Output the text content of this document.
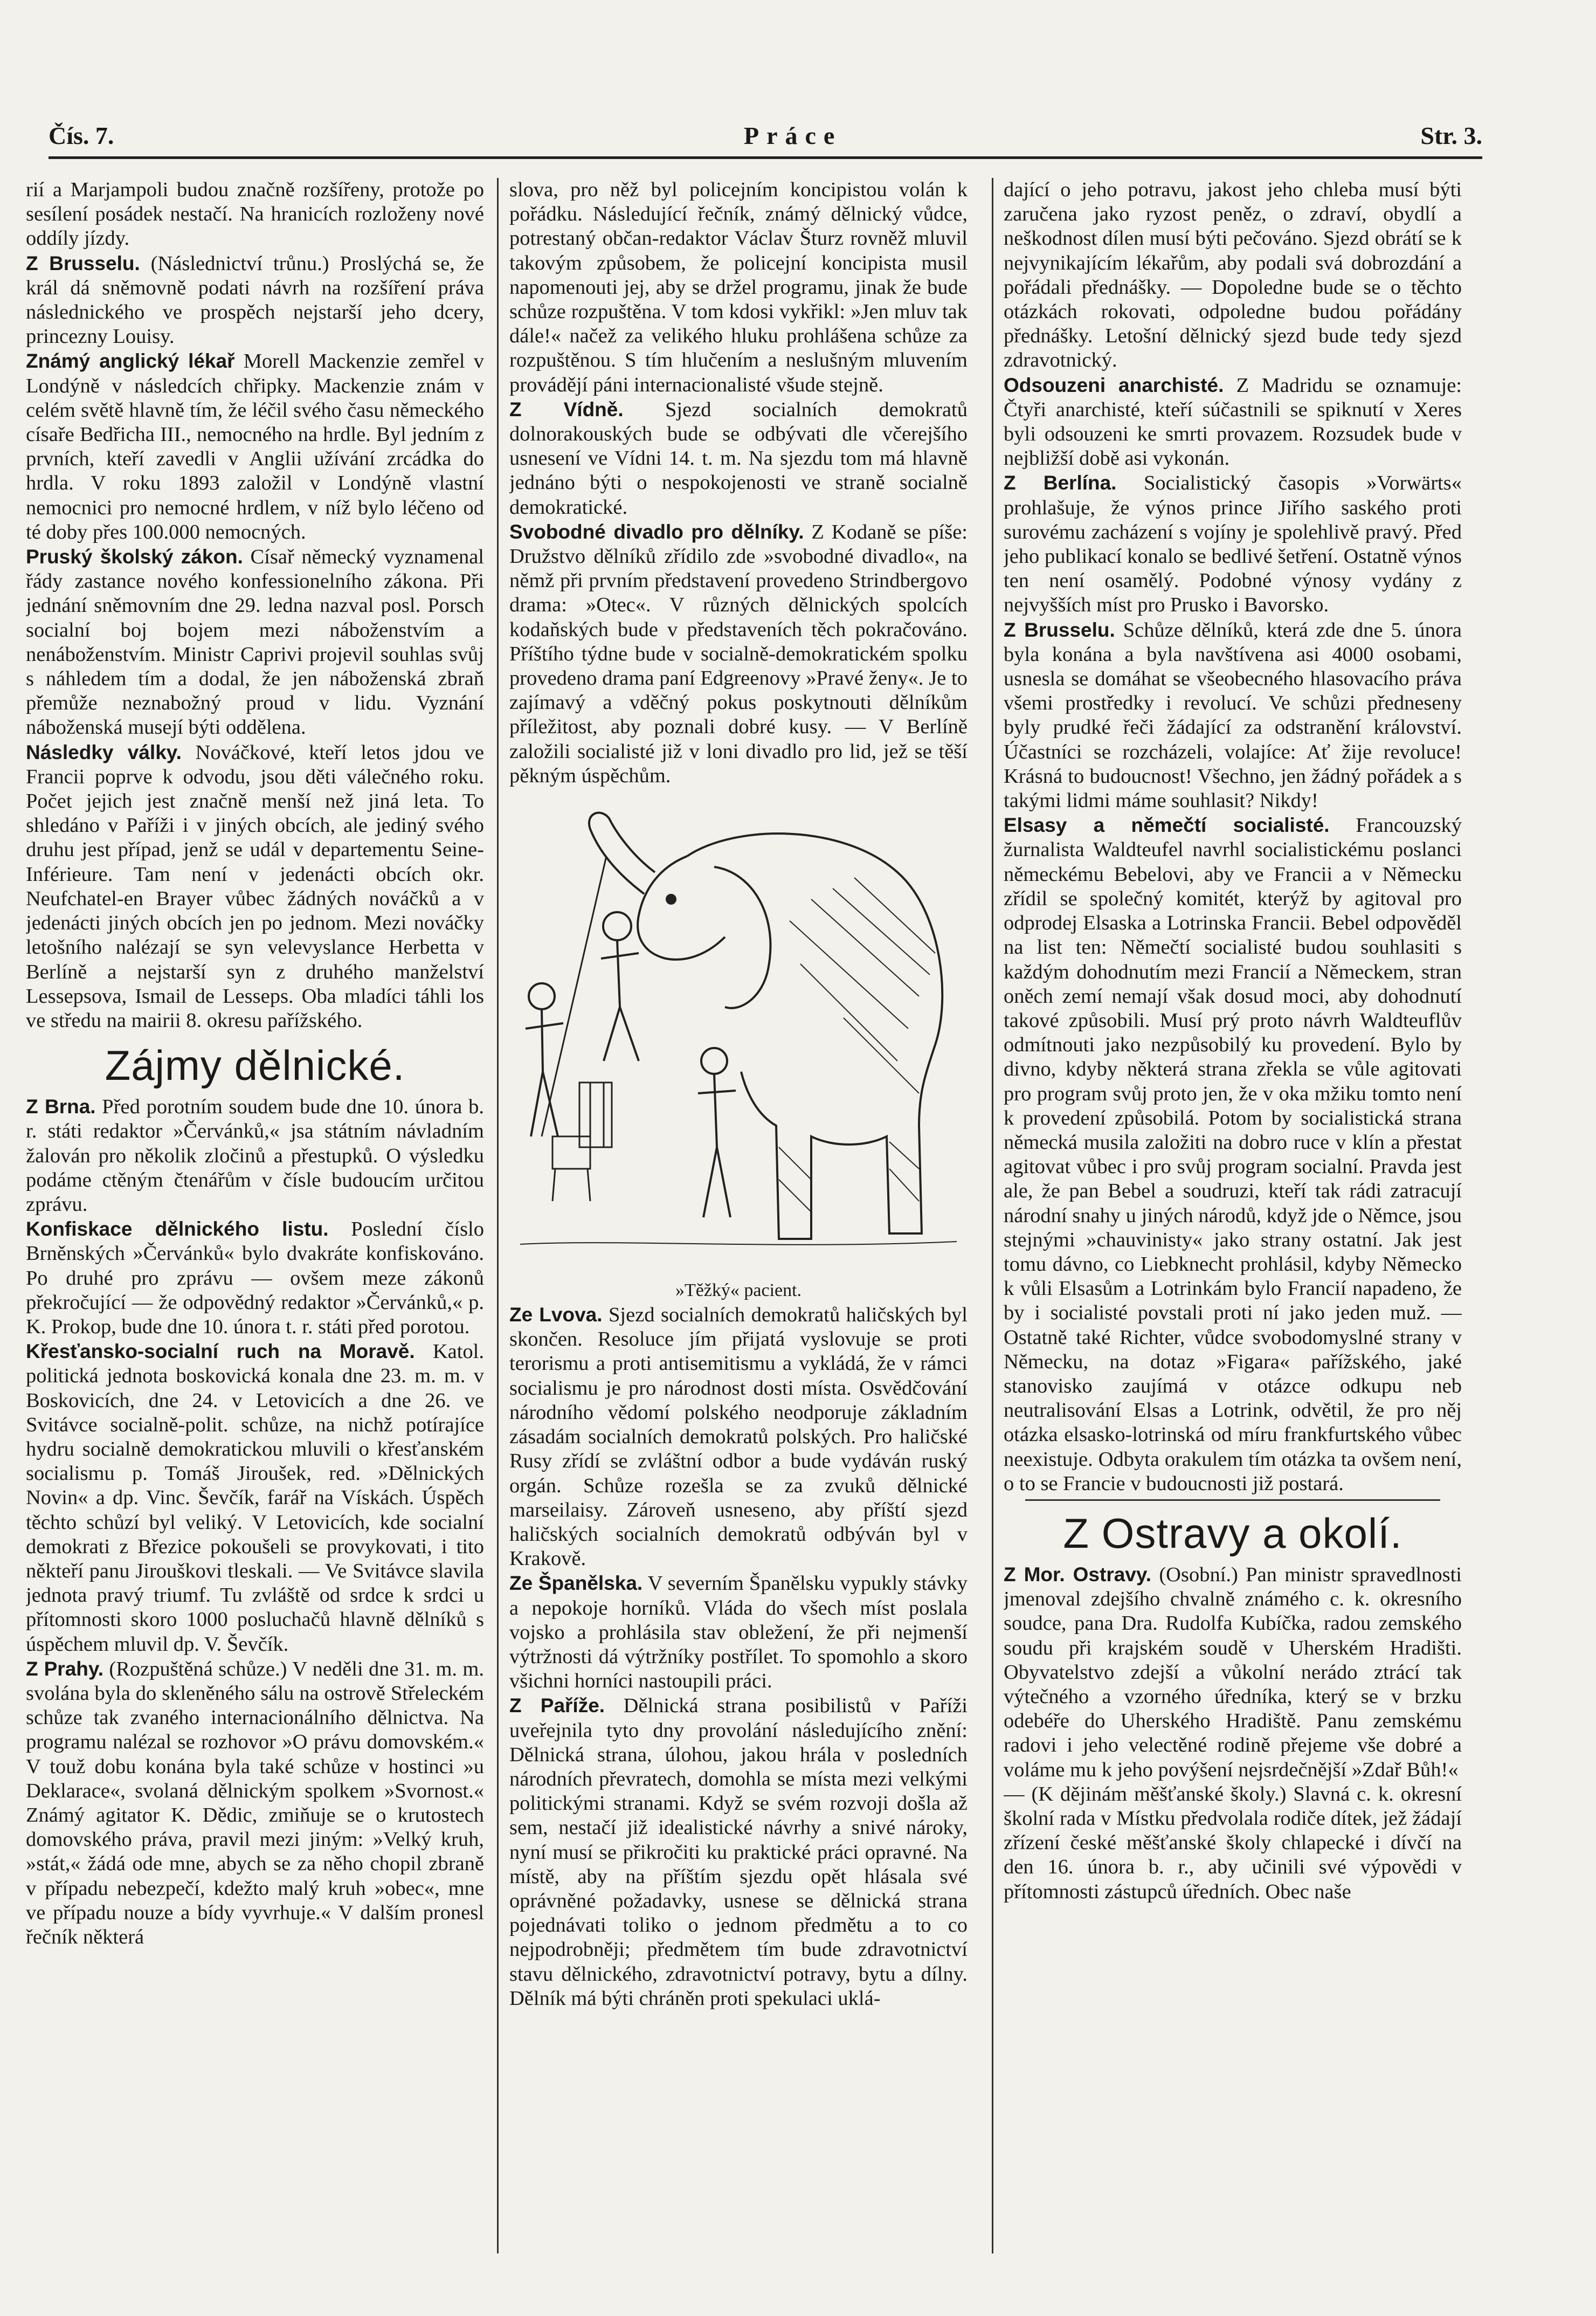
Čís. 7.	Práce	Str. 3.

rií a Marjampoli budou značně rozšířeny, protože po sesílení posádek nestačí. Na hranicích rozloženy nové oddíly jízdy.

Z Brusselu. (Následnictví trůnu.) Proslýchá se, že král dá sněmovně podati návrh na rozšíření práva následnického ve prospěch nejstarší jeho dcery, princezny Louisy.

Známý anglický lékař Morell Mackenzie zemřel v Londýně v následcích chřipky. Mackenzie znám v celém světě hlavně tím, že léčil svého času německého císaře Bedřicha III., nemocného na hrdle. Byl jedním z prvních, kteří zavedli v Anglii užívání zrcádka do hrdla. V roku 1893 založil v Londýně vlastní nemocnici pro nemocné hrdlem, v níž bylo léčeno od té doby přes 100.000 nemocných.

Pruský školský zákon. Císař německý vyznamenal řády zastance nového konfessionelního zákona. Při jednání sněmovním dne 29. ledna nazval posl. Porsch socialní boj bojem mezi náboženstvím a nenáboženstvím. Ministr Caprivi projevil souhlas svůj s náhledem tím a dodal, že jen náboženská zbraň přemůže neznabožný proud v lidu. Vyznání náboženská musejí býti oddělena.

Následky války. Nováčkové, kteří letos jdou ve Francii poprve k odvodu, jsou děti válečného roku. Počet jejich jest značně menší než jiná leta. To shledáno v Paříži i v jiných obcích, ale jediný svého druhu jest případ, jenž se udál v departementu Seine-Inférieure. Tam není v jedenácti obcích okr. Neufchatel-en Brayer vůbec žádných nováčků a v jedenácti jiných obcích jen po jednom. Mezi nováčky letošního nalézají se syn velevyslance Herbetta v Berlíně a nejstarší syn z druhého manželství Lessepsova, Ismail de Lesseps. Oba mladíci táhli los ve středu na mairii 8. okresu pařížského.

Zájmy dělnické.

Z Brna. Před porotním soudem bude dne 10. února b. r. státi redaktor »Červánků,« jsa státním návladním žalován pro několik zločinů a přestupků. O výsledku podáme ctěným čtenářům v čísle budoucím určitou zprávu.

Konfiskace dělnického listu. Poslední číslo Brněnských »Červánků« bylo dvakráte konfiskováno. Po druhé pro zprávu — ovšem meze zákonů překročující — že odpovědný redaktor »Červánků,« p. K. Prokop, bude dne 10. února t. r. státi před porotou.

Křesťansko-socialní ruch na Moravě. Katol. politická jednota boskovická konala dne 23. m. m. v Boskovicích, dne 24. v Letovicích a dne 26. ve Svitávce socialně-polit. schůze, na nichž potírajíce hydru socialně demokratickou mluvili o křesťanském socialismu p. Tomáš Jiroušek, red. »Dělnických Novin« a dp. Vinc. Ševčík, farář na Vískách. Úspěch těchto schůzí byl veliký. V Letovicích, kde socialní demokrati z Březice pokoušeli se provykovati, i tito někteří panu Jirouškovi tleskali. — Ve Svitávce slavila jednota pravý triumf. Tu zvláště od srdce k srdci u přítomnosti skoro 1000 posluchačů hlavně dělníků s úspěchem mluvil dp. V. Ševčík.

Z Prahy. (Rozpuštěná schůze.) V neděli dne 31. m. m. svolána byla do skleněného sálu na ostrově Střeleckém schůze tak zvaného internacionálního dělnictva. Na programu nalézal se rozhovor »O právu domovském.« V touž dobu konána byla také schůze v hostinci »u Deklarace«, svolaná dělnickým spolkem »Svornost.« Známý agitator K. Dědic, zmiňuje se o krutostech domovského práva, pravil mezi jiným: »Velký kruh, »stát,« žádá ode mne, abych se za něho chopil zbraně v případu nebezpečí, kdežto malý kruh »obec«, mne ve případu nouze a bídy vyvrhuje.« V dalším pronesl řečník některá

slova, pro něž byl policejním koncipistou volán k pořádku. Následující řečník, známý dělnický vůdce, potrestaný občan-redaktor Václav Šturz rovněž mluvil takovým způsobem, že policejní koncipista musil napomenouti jej, aby se držel programu, jinak že bude schůze rozpuštěna. V tom kdosi vykřikl: »Jen mluv tak dále!« načež za velikého hluku prohlášena schůze za rozpuštěnou. S tím hlučením a neslušným mluvením provádějí páni internacionalisté všude stejně.

Z Vídně. Sjezd socialních demokratů dolnorakouských bude se odbývati dle včerejšího usnesení ve Vídni 14. t. m. Na sjezdu tom má hlavně jednáno býti o nespokojenosti ve straně socialně demokratické.

Svobodné divadlo pro dělníky. Z Kodaně se píše: Družstvo dělníků zřídilo zde »svobodné divadlo«, na němž při prvním představení provedeno Strindbergovo drama: »Otec«. V různých dělnických spolcích kodaňských bude v představeních těch pokračováno. Příštího týdne bude v socialně-demokratickém spolku provedeno drama paní Edgreenovy »Pravé ženy«. Je to zajímavý a vděčný pokus poskytnouti dělníkům příležitost, aby poznali dobré kusy. — V Berlíně založili socialisté již v loni divadlo pro lid, jež se těší pěkným úspěchům.

»Těžký« pacient.

Ze Lvova. Sjezd socialních demokratů haličských byl skončen. Resoluce jím přijatá vyslovuje se proti terorismu a proti antisemitismu a vykládá, že v rámci socialismu je pro národnost dosti místa. Osvědčování národního vědomí polského neodporuje základním zásadám socialních demokratů polských. Pro haličské Rusy zřídí se zvláštní odbor a bude vydáván ruský orgán. Schůze rozešla se za zvuků dělnické marseilaisy. Zároveň usneseno, aby příští sjezd haličských socialních demokratů odbýván byl v Krakově.

Ze Španělska. V severním Španělsku vypukly stávky a nepokoje horníků. Vláda do všech míst poslala vojsko a prohlásila stav obležení, že při nejmenší výtržnosti dá výtržníky postřílet. To spomohlo a skoro všichni horníci nastoupili práci.

Z Paříže. Dělnická strana posibilistů v Paříži uveřejnila tyto dny provolání následujícího znění: Dělnická strana, úlohou, jakou hrála v posledních národních převratech, domohla se místa mezi velkými politickými stranami. Když se svém rozvoji došla až sem, nestačí již idealistické návrhy a snivé nároky, nyní musí se přikročiti ku praktické práci opravné. Na místě, aby na příštím sjezdu opět hlásala své oprávněné požadavky, usnese se dělnická strana pojednávati toliko o jednom předmětu a to co nejpodrobněji; předmětem tím bude zdravotnictví stavu dělnického, zdravotnictví potravy, bytu a dílny. Dělník má býti chráněn proti spekulaci uklá-

dající o jeho potravu, jakost jeho chleba musí býti zaručena jako ryzost peněz, o zdraví, obydlí a neškodnost dílen musí býti pečováno. Sjezd obrátí se k nejvynikajícím lékařům, aby podali svá dobrozdání a pořádali přednášky. — Dopoledne bude se o těchto otázkách rokovati, odpoledne budou pořádány přednášky. Letošní dělnický sjezd bude tedy sjezd zdravotnický.

Odsouzeni anarchisté. Z Madridu se oznamuje: Čtyři anarchisté, kteří súčastnili se spiknutí v Xeres byli odsouzeni ke smrti provazem. Rozsudek bude v nejbližší době asi vykonán.

Z Berlína. Socialistický časopis »Vorwärts« prohlašuje, že výnos prince Jiřího saského proti surovému zacházení s vojíny je spolehlivě pravý. Před jeho publikací konalo se bedlivé šetření. Ostatně výnos ten není osamělý. Podobné výnosy vydány z nejvyšších míst pro Prusko i Bavorsko.

Z Brusselu. Schůze dělníků, která zde dne 5. února byla konána a byla navštívena asi 4000 osobami, usnesla se domáhat se všeobecného hlasovacího práva všemi prostředky i revolucí. Ve schůzi předneseny byly prudké řeči žádající za odstranění království. Účastníci se rozcházeli, volajíce: Ať žije revoluce! Krásná to budoucnost! Všechno, jen žádný pořádek a s takými lidmi máme souhlasit? Nikdy!

Elsasy a němečtí socialisté. Francouzský žurnalista Waldteufel navrhl socialistickému poslanci německému Bebelovi, aby ve Francii a v Německu zřídil se společný komitét, kterýž by agitoval pro odprodej Elsaska a Lotrinska Francii. Bebel odpověděl na list ten: Němečtí socialisté budou souhlasiti s každým dohodnutím mezi Francií a Německem, stran oněch zemí nemají však dosud moci, aby dohodnutí takové způsobili. Musí prý proto návrh Waldteuflův odmítnouti jako nezpůsobilý ku provedení. Bylo by divno, kdyby některá strana zřekla se vůle agitovati pro program svůj proto jen, že v oka mžiku tomto není k provedení způsobilá. Potom by socialistická strana německá musila založiti na dobro ruce v klín a přestat agitovat vůbec i pro svůj program socialní. Pravda jest ale, že pan Bebel a soudruzi, kteří tak rádi zatracují národní snahy u jiných národů, když jde o Němce, jsou stejnými »chauvinisty« jako strany ostatní. Jak jest tomu dávno, co Liebknecht prohlásil, kdyby Německo k vůli Elsasům a Lotrinkám bylo Francií napadeno, že by i socialisté povstali proti ní jako jeden muž. — Ostatně také Richter, vůdce svobodomyslné strany v Německu, na dotaz »Figara« pařížského, jaké stanovisko zaujímá v otázce odkupu neb neutralisování Elsas a Lotrink, odvětil, že pro něj otázka elsasko-lotrinská od míru frankfurtského vůbec neexistuje. Odbyta orakulem tím otázka ta ovšem není, o to se Francie v budoucnosti již postará.

Z Ostravy a okolí.

Z Mor. Ostravy. (Osobní.) Pan ministr spravedlnosti jmenoval zdejšího chvalně známého c. k. okresního soudce, pana Dra. Rudolfa Kubíčka, radou zemského soudu při krajském soudě v Uherském Hradišti. Obyvatelstvo zdejší a vůkolní nerádo ztrácí tak výtečného a vzorného úředníka, který se v brzku odebéře do Uherského Hradiště. Panu zemskému radovi i jeho velectěné rodině přejeme vše dobré a voláme mu k jeho povýšení nejsrdečnější »Zdař Bůh!«

— (K dějinám měšťanské školy.) Slavná c. k. okresní školní rada v Místku předvolala rodiče dítek, jež žádají zřízení české měšťanské školy chlapecké i dívčí na den 16. února b. r., aby učinili své výpovědi v přítomnosti zástupců úředních. Obec naše
